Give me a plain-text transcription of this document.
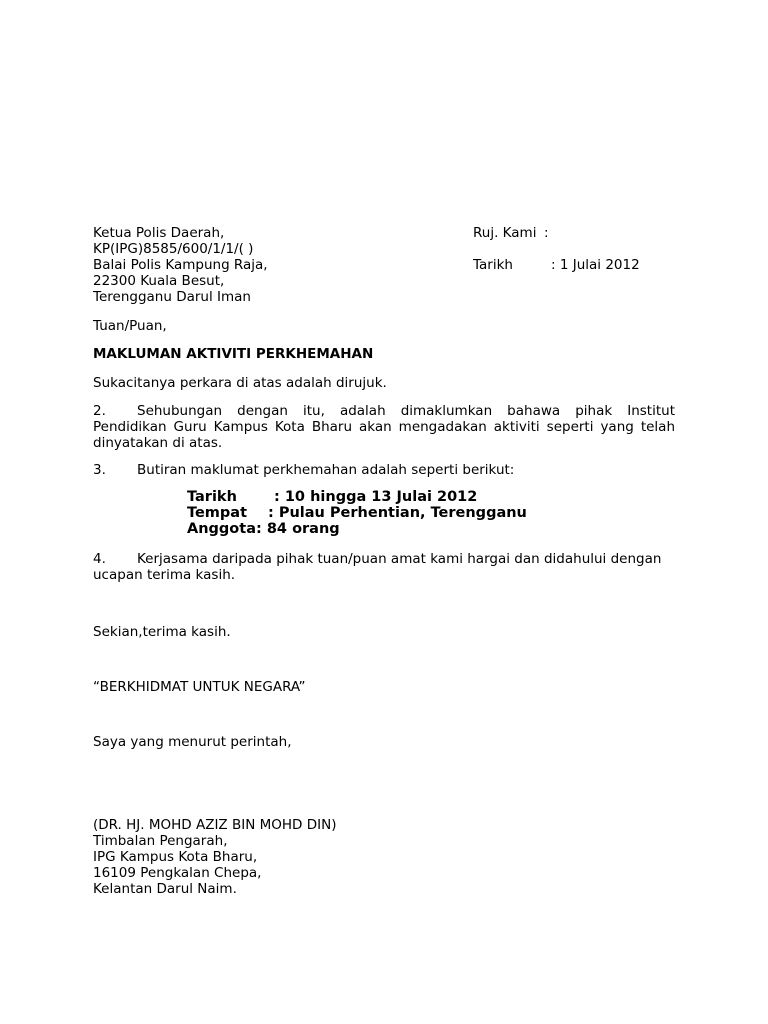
Ketua Polis Daerah,
KP(IPG)8585/600/1/1/( )
Balai Polis Kampung Raja,
22300 Kuala Besut,
Terengganu Darul Iman
Ruj. Kami :
Tarikh	: 1 Julai 2012
Tuan/Puan,
MAKLUMAN AKTIVITI PERKHEMAHAN
Sukacitanya perkara di atas adalah dirujuk.
2. Sehubungan dengan itu, adalah dimaklumkan bahawa pihak Institut Pendidikan Guru Kampus Kota Bharu akan mengadakan aktiviti seperti yang telah dinyatakan di atas.
3. Butiran maklumat perkhemahan adalah seperti berikut:
Tarikh	: 10 hingga 13 Julai 2012
Tempat : Pulau Perhentian, Terengganu
Anggota: 84 orang
4. Kerjasama daripada pihak tuan/puan amat kami hargai dan didahului dengan ucapan terima kasih.
Sekian,terima kasih.
“BERKHIDMAT UNTUK NEGARA”
Saya yang menurut perintah,
(DR. HJ. MOHD AZIZ BIN MOHD DIN)
Timbalan Pengarah,
IPG Kampus Kota Bharu,
16109 Pengkalan Chepa,
Kelantan Darul Naim.
